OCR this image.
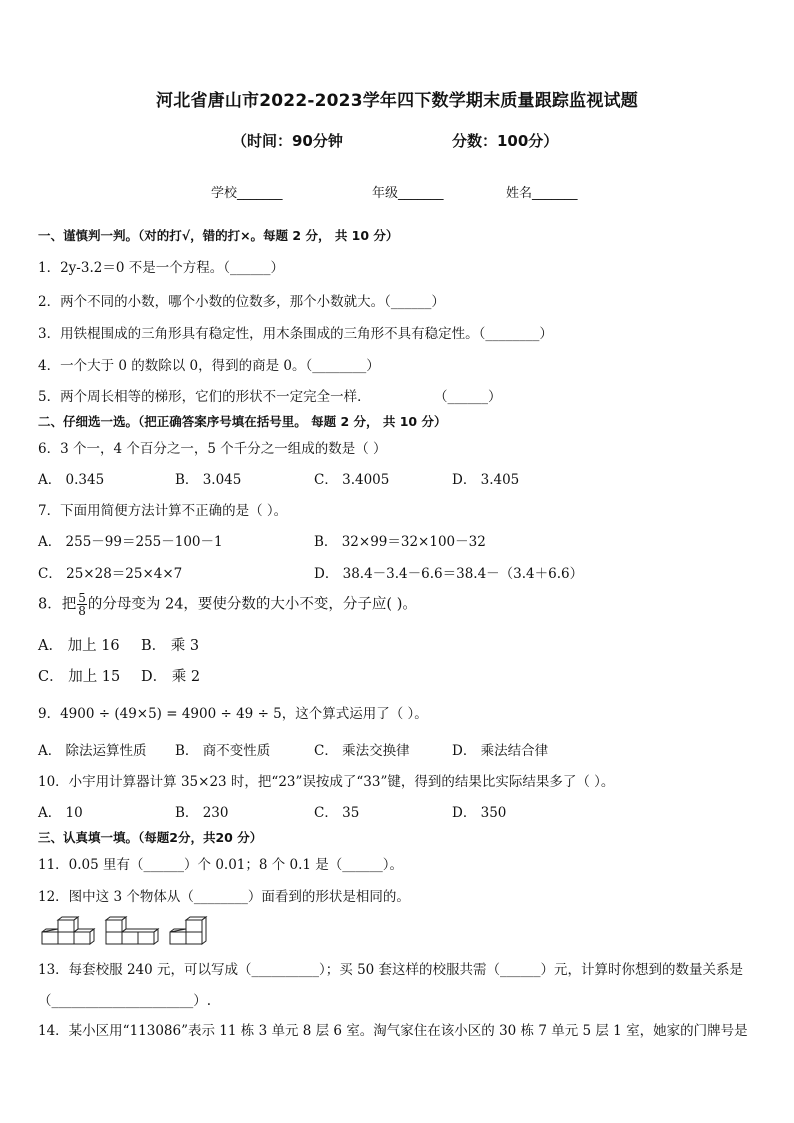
河北省唐山市2022-2023学年四下数学期末质量跟踪监视试题
（时间：90分钟	分数：100分）
学校_______	年级_______	姓名_______
一、谨慎判一判。（对的打√，错的打×。每题 2 分， 共 10 分）
1．2y-3.2＝0 不是一个方程。（______）
2．两个不同的小数，哪个小数的位数多，那个小数就大。（______）
3．用铁棍围成的三角形具有稳定性，用木条围成的三角形不具有稳定性。（________）
4．一个大于 0 的数除以 0，得到的商是 0。（________）
5．两个周长相等的梯形，它们的形状不一定完全一样．	（______）
二、仔细选一选。（把正确答案序号填在括号里。 每题 2 分， 共 10 分）
6．3 个一，4 个百分之一，5 个千分之一组成的数是（ ）
A． 0.345	B． 3.045	C． 3.4005	D． 3.405
7．下面用简便方法计算不正确的是（ ）。
A． 255－99＝255－100－1	B． 32×99＝32×100－32
C． 25×28＝25×4×7	D． 38.4－3.4－6.6＝38.4－（3.4＋6.6）
8．把 $\frac{5}{8}$ 的分母变为 24，要使分数的大小不变，分子应( )。
A． 加上 16 B． 乘 3
C． 加上 15 D． 乘 2
9．4900 ÷ (49×5) = 4900 ÷ 49 ÷ 5，这个算式运用了（ ）。
A． 除法运算性质 B． 商不变性质	C． 乘法交换律	D． 乘法结合律
10．小宇用计算器计算 35×23 时，把“23”误按成了“33”键，得到的结果比实际结果多了（ ）。
A． 10	B． 230	C． 35	D． 350
三、认真填一填。（每题2分，共20 分）
11．0.05 里有（______）个 0.01；8 个 0.1 是（______）。
12．图中这 3 个物体从（________）面看到的形状是相同的。
13．每套校服 240 元，可以写成（__________）；买 50 套这样的校服共需（______）元，计算时你想到的数量关系是
（_____________________）.
14．某小区用“113086”表示 11 栋 3 单元 8 层 6 室。淘气家住在该小区的 30 栋 7 单元 5 层 1 室，她家的门牌号是
